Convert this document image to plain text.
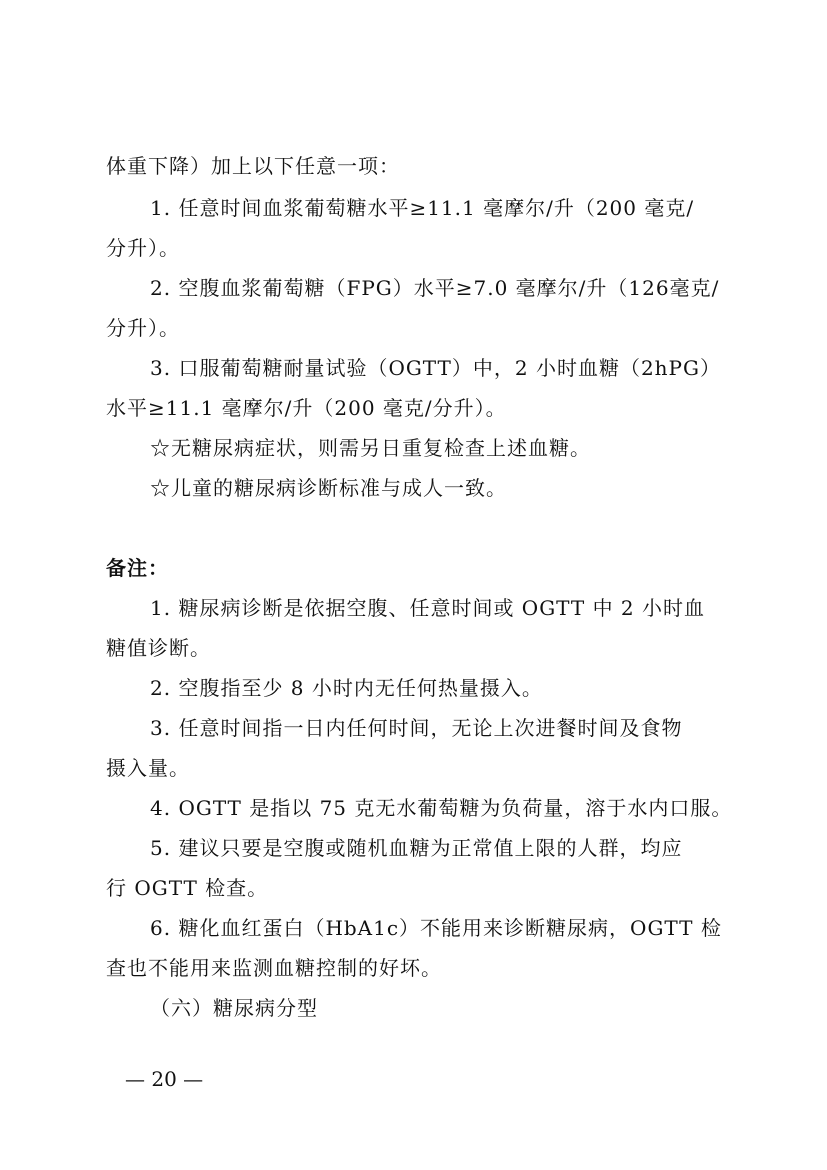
体重下降）加上以下任意一项：
1. 任意时间血浆葡萄糖水平≥11.1 毫摩尔/升（200 毫克/
分升）。
2. 空腹血浆葡萄糖（FPG）水平≥7.0 毫摩尔/升（126毫克/
分升）。
3. 口服葡萄糖耐量试验（OGTT）中，2 小时血糖（2hPG）
水平≥11.1 毫摩尔/升（200 毫克/分升）。
☆无糖尿病症状，则需另日重复检查上述血糖。
☆儿童的糖尿病诊断标准与成人一致。
备注：
1. 糖尿病诊断是依据空腹、任意时间或 OGTT 中 2 小时血
糖值诊断。
2. 空腹指至少 8 小时内无任何热量摄入。
3. 任意时间指一日内任何时间，无论上次进餐时间及食物
摄入量。
4. OGTT 是指以 75 克无水葡萄糖为负荷量，溶于水内口服。
5. 建议只要是空腹或随机血糖为正常值上限的人群，均应
行 OGTT 检查。
6. 糖化血红蛋白（HbA1c）不能用来诊断糖尿病，OGTT 检
查也不能用来监测血糖控制的好坏。
（六）糖尿病分型
— 20 —
